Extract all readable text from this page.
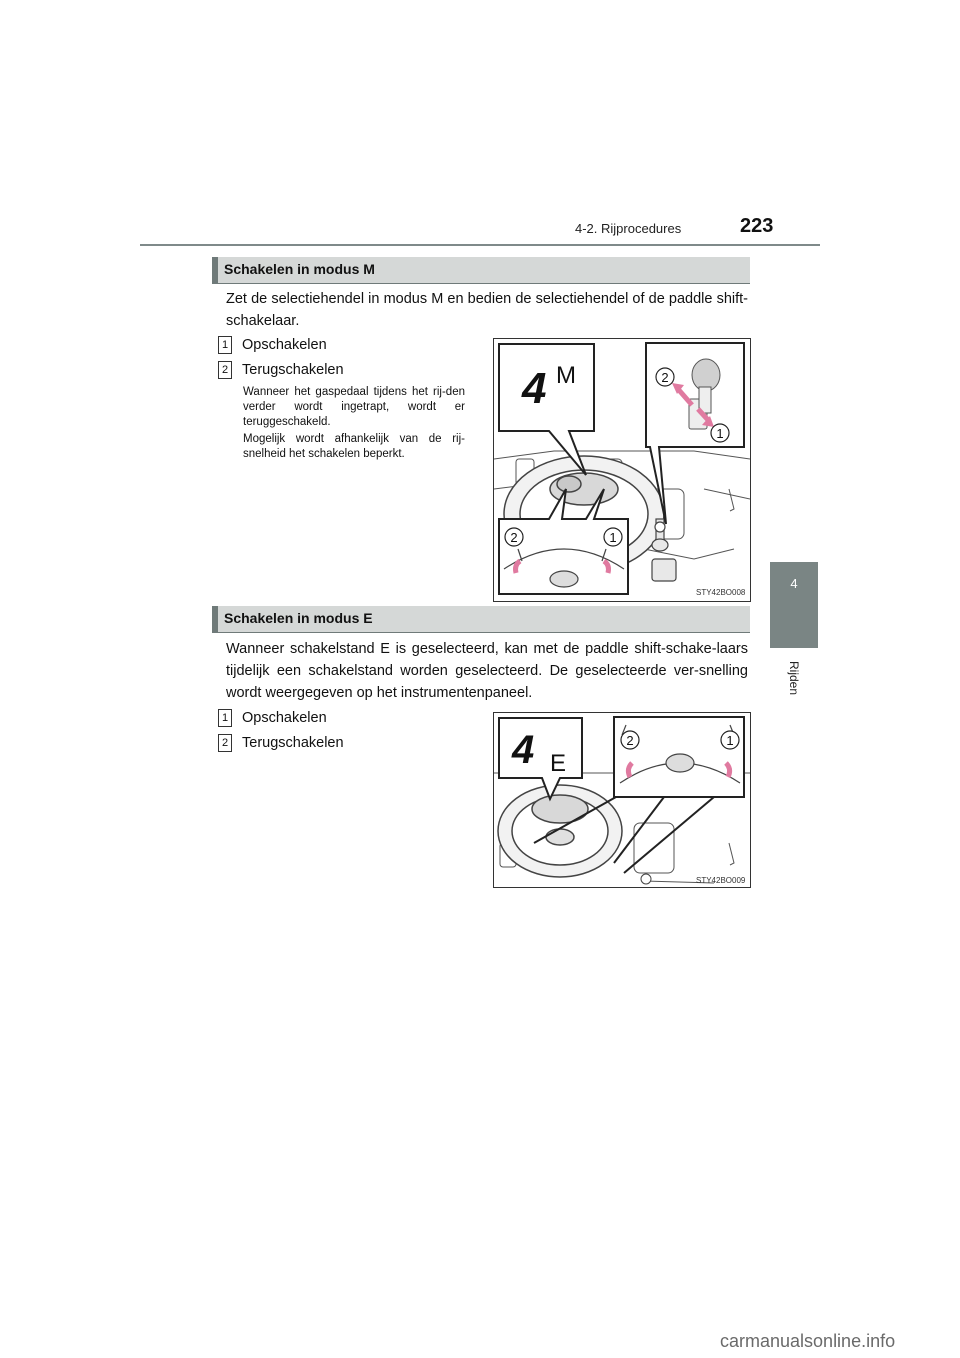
4-2. Rijprocedures	223
4
Rijden
Schakelen in modus M
Zet de selectiehendel in modus M en bedien de selectiehendel of de paddle shift-schakelaar.
1 Opschakelen
2 Terugschakelen
Wanneer het gaspedaal tijdens het rij-den verder wordt ingetrapt, wordt er teruggeschakeld.
Mogelijk wordt afhankelijk van de rij-snelheid het schakelen beperkt.
4 M	2
1
2	1
STY42BO008
Schakelen in modus E
Wanneer schakelstand E is geselecteerd, kan met de paddle shift-schake-laars tijdelijk een schakelstand worden geselecteerd. De geselecteerde ver-snelling wordt weergegeven op het instrumentenpaneel.
1 Opschakelen
2 Terugschakelen	4 E
2	1
STY42BO009
carmanualsonline.info
